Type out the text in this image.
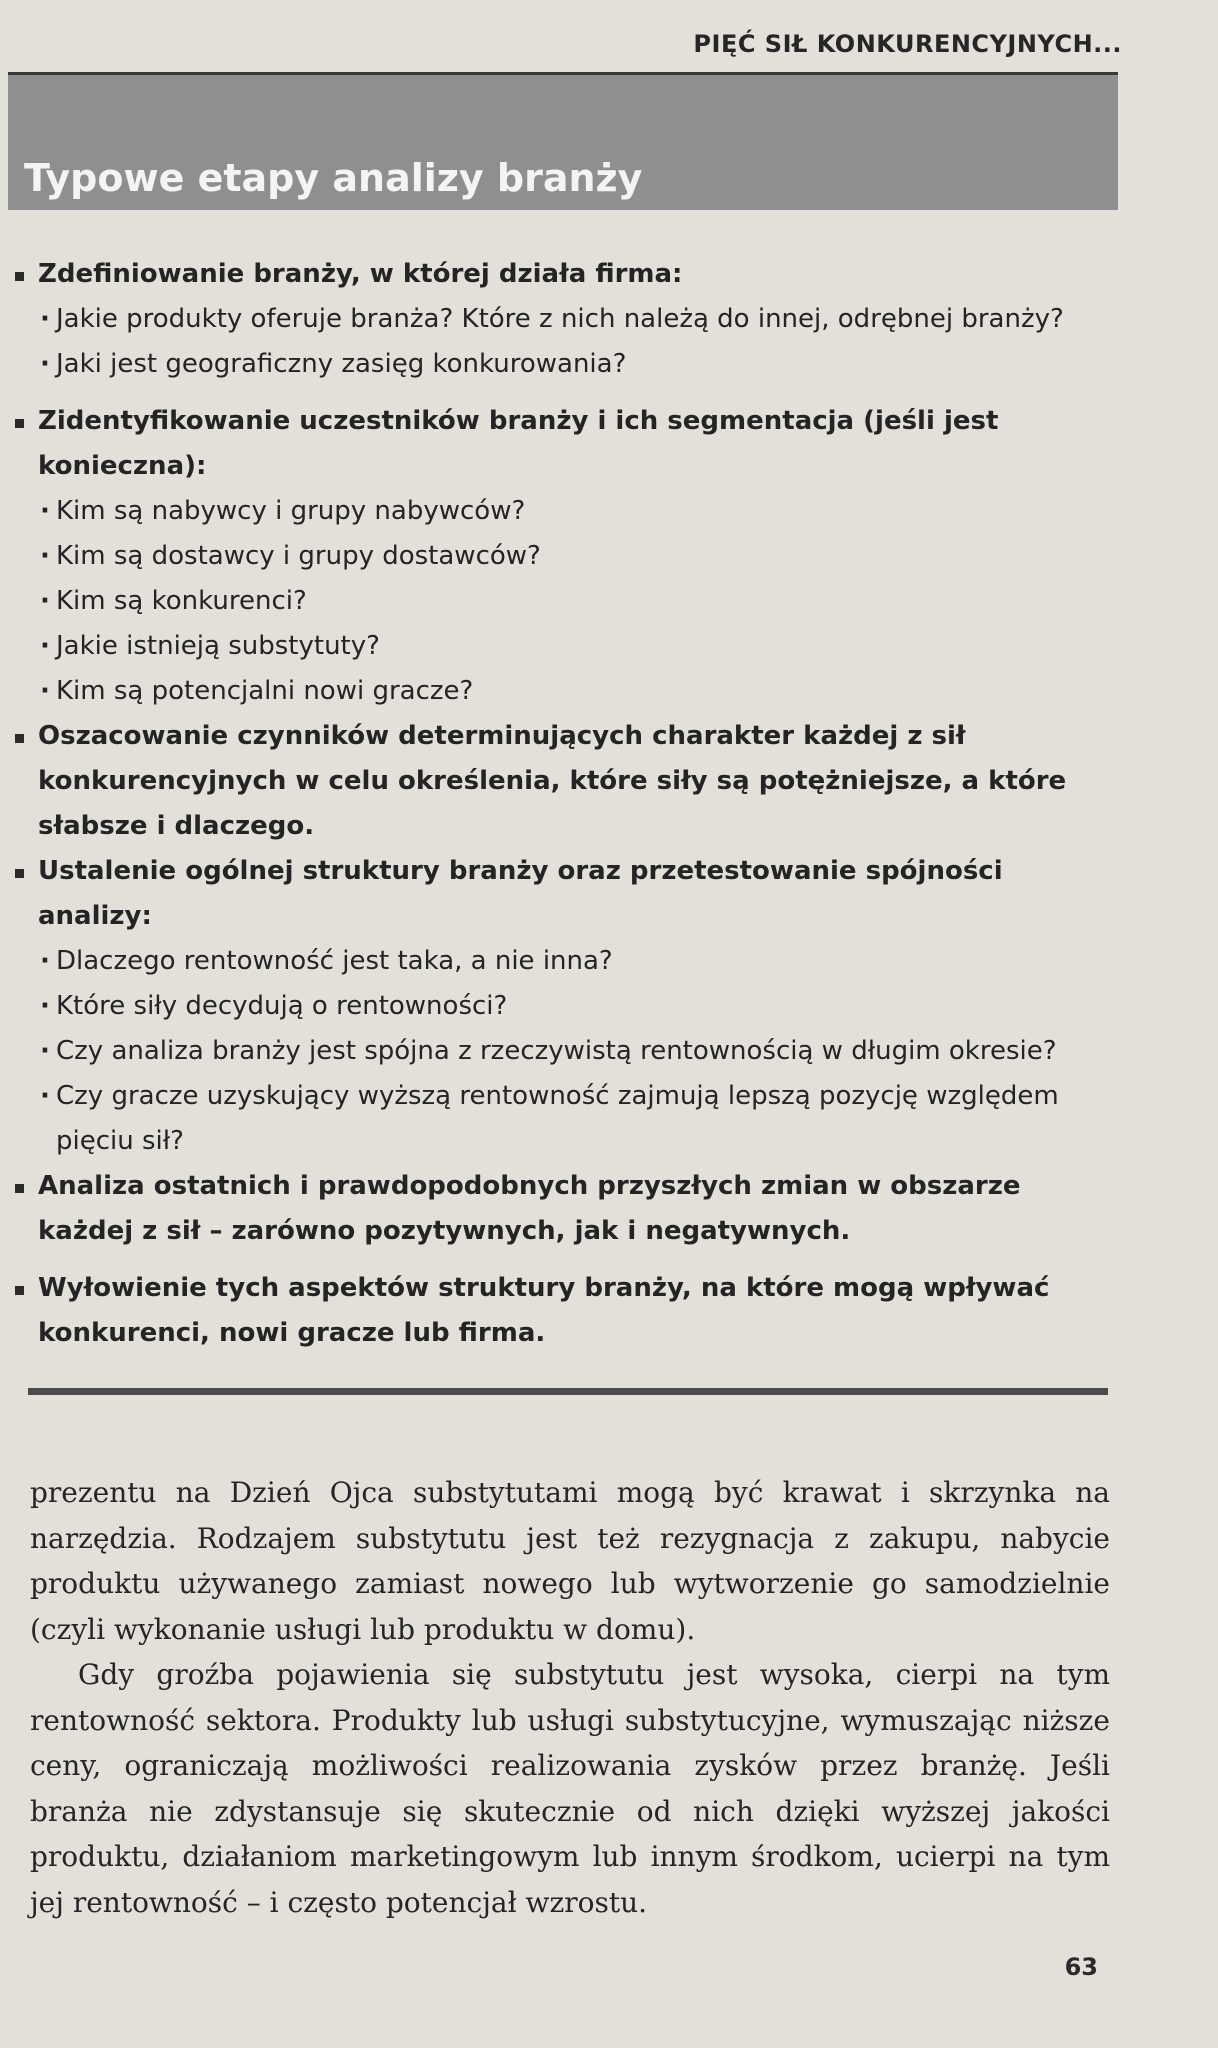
PIĘĆ SIŁ KONKURENCYJNYCH...
Typowe etapy analizy branży
Zdefiniowanie branży, w której działa firma:
· Jakie produkty oferuje branża? Które z nich należą do innej, odrębnej branży?
· Jaki jest geograficzny zasięg konkurowania?
Zidentyfikowanie uczestników branży i ich segmentacja (jeśli jest konieczna):
· Kim są nabywcy i grupy nabywców?
· Kim są dostawcy i grupy dostawców?
· Kim są konkurenci?
· Jakie istnieją substytuty?
· Kim są potencjalni nowi gracze?
Oszacowanie czynników determinujących charakter każdej z sił konkurencyjnych w celu określenia, które siły są potężniejsze, a które słabsze i dlaczego.
Ustalenie ogólnej struktury branży oraz przetestowanie spójności analizy:
· Dlaczego rentowność jest taka, a nie inna?
· Które siły decydują o rentowności?
· Czy analiza branży jest spójna z rzeczywistą rentownością w długim okresie?
· Czy gracze uzyskujący wyższą rentowność zajmują lepszą pozycję względem pięciu sił?
Analiza ostatnich i prawdopodobnych przyszłych zmian w obszarze każdej z sił – zarówno pozytywnych, jak i negatywnych.
Wyłowienie tych aspektów struktury branży, na które mogą wpływać konkurenci, nowi gracze lub firma.

prezentu na Dzień Ojca substytutami mogą być krawat i skrzynka na narzędzia. Rodzajem substytutu jest też rezygnacja z zakupu, nabycie produktu używanego zamiast nowego lub wytworzenie go samodzielnie (czyli wykonanie usługi lub produktu w domu).

Gdy groźba pojawienia się substytutu jest wysoka, cierpi na tym rentowność sektora. Produkty lub usługi substytucyjne, wymuszając niższe ceny, ograniczają możliwości realizowania zysków przez branżę. Jeśli branża nie zdystansuje się skutecznie od nich dzięki wyższej jakości produktu, działaniom marketingowym lub innym środkom, ucierpi na tym jej rentowność – i często potencjał wzrostu.

63
